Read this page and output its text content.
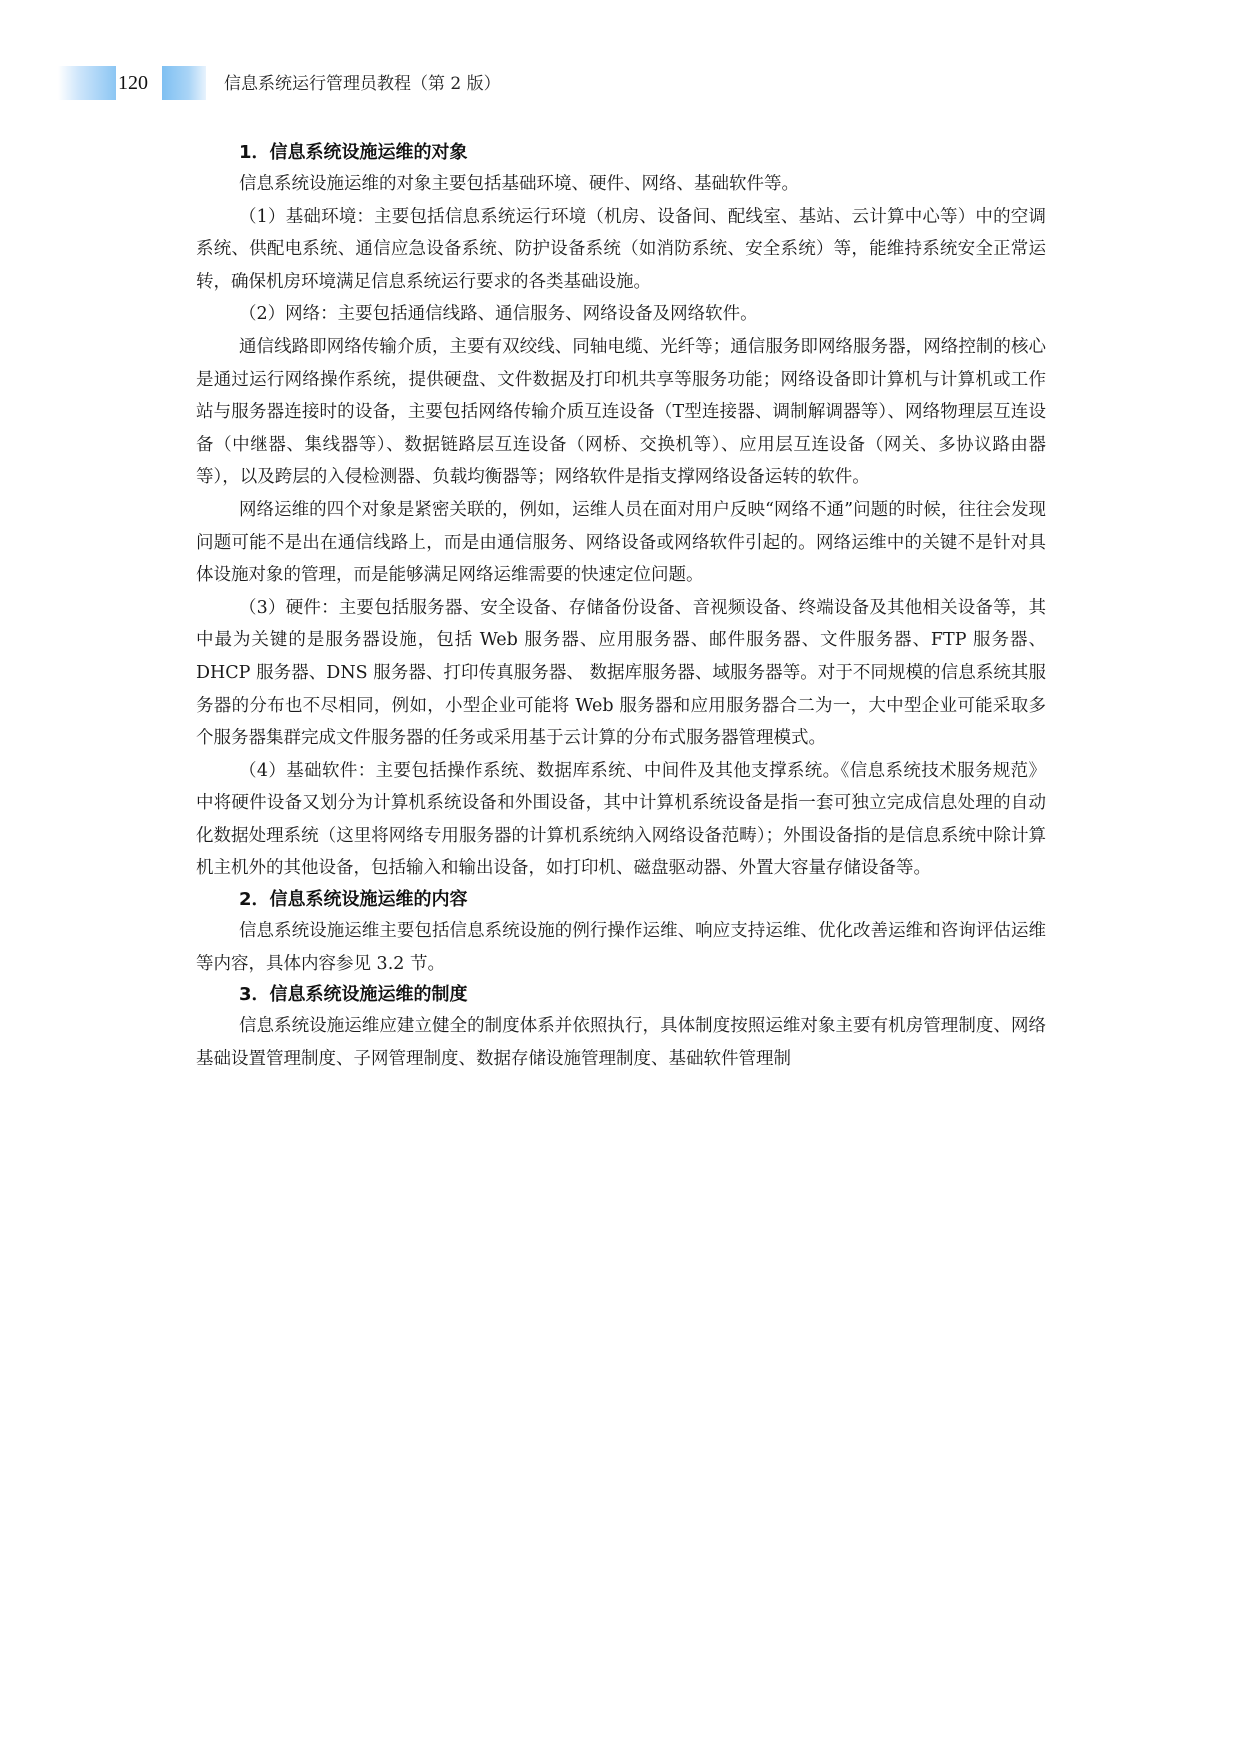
120	信息系统运行管理员教程（第 2 版）
1．信息系统设施运维的对象

信息系统设施运维的对象主要包括基础环境、硬件、网络、基础软件等。

（1）基础环境：主要包括信息系统运行环境（机房、设备间、配线室、基站、云计算中心等）中的空调系统、供配电系统、通信应急设备系统、防护设备系统（如消防系统、安全系统）等，能维持系统安全正常运转，确保机房环境满足信息系统运行要求的各类基础设施。

（2）网络：主要包括通信线路、通信服务、网络设备及网络软件。

通信线路即网络传输介质，主要有双绞线、同轴电缆、光纤等；通信服务即网络服务器，网络控制的核心是通过运行网络操作系统，提供硬盘、文件数据及打印机共享等服务功能；网络设备即计算机与计算机或工作站与服务器连接时的设备，主要包括网络传输介质互连设备（T型连接器、调制解调器等）、网络物理层互连设备（中继器、集线器等）、数据链路层互连设备（网桥、交换机等）、应用层互连设备（网关、多协议路由器等），以及跨层的入侵检测器、负载均衡器等；网络软件是指支撑网络设备运转的软件。

网络运维的四个对象是紧密关联的，例如，运维人员在面对用户反映“网络不通”问题的时候，往往会发现问题可能不是出在通信线路上，而是由通信服务、网络设备或网络软件引起的。网络运维中的关键不是针对具体设施对象的管理，而是能够满足网络运维需要的快速定位问题。

（3）硬件：主要包括服务器、安全设备、存储备份设备、音视频设备、终端设备及其他相关设备等，其中最为关键的是服务器设施，包括 Web 服务器、应用服务器、邮件服务器、文件服务器、FTP 服务器、DHCP 服务器、DNS 服务器、打印传真服务器、 数据库服务器、域服务器等。对于不同规模的信息系统其服务器的分布也不尽相同，例如，小型企业可能将 Web 服务器和应用服务器合二为一，大中型企业可能采取多个服务器集群完成文件服务器的任务或采用基于云计算的分布式服务器管理模式。

（4）基础软件：主要包括操作系统、数据库系统、中间件及其他支撑系统。《信息系统技术服务规范》中将硬件设备又划分为计算机系统设备和外围设备，其中计算机系统设备是指一套可独立完成信息处理的自动化数据处理系统（这里将网络专用服务器的计算机系统纳入网络设备范畴）；外围设备指的是信息系统中除计算机主机外的其他设备，包括输入和输出设备，如打印机、磁盘驱动器、外置大容量存储设备等。

2．信息系统设施运维的内容

信息系统设施运维主要包括信息系统设施的例行操作运维、响应支持运维、优化改善运维和咨询评估运维等内容，具体内容参见 3.2 节。

3．信息系统设施运维的制度

信息系统设施运维应建立健全的制度体系并依照执行，具体制度按照运维对象主要有机房管理制度、网络基础设置管理制度、子网管理制度、数据存储设施管理制度、基础软件管理制
